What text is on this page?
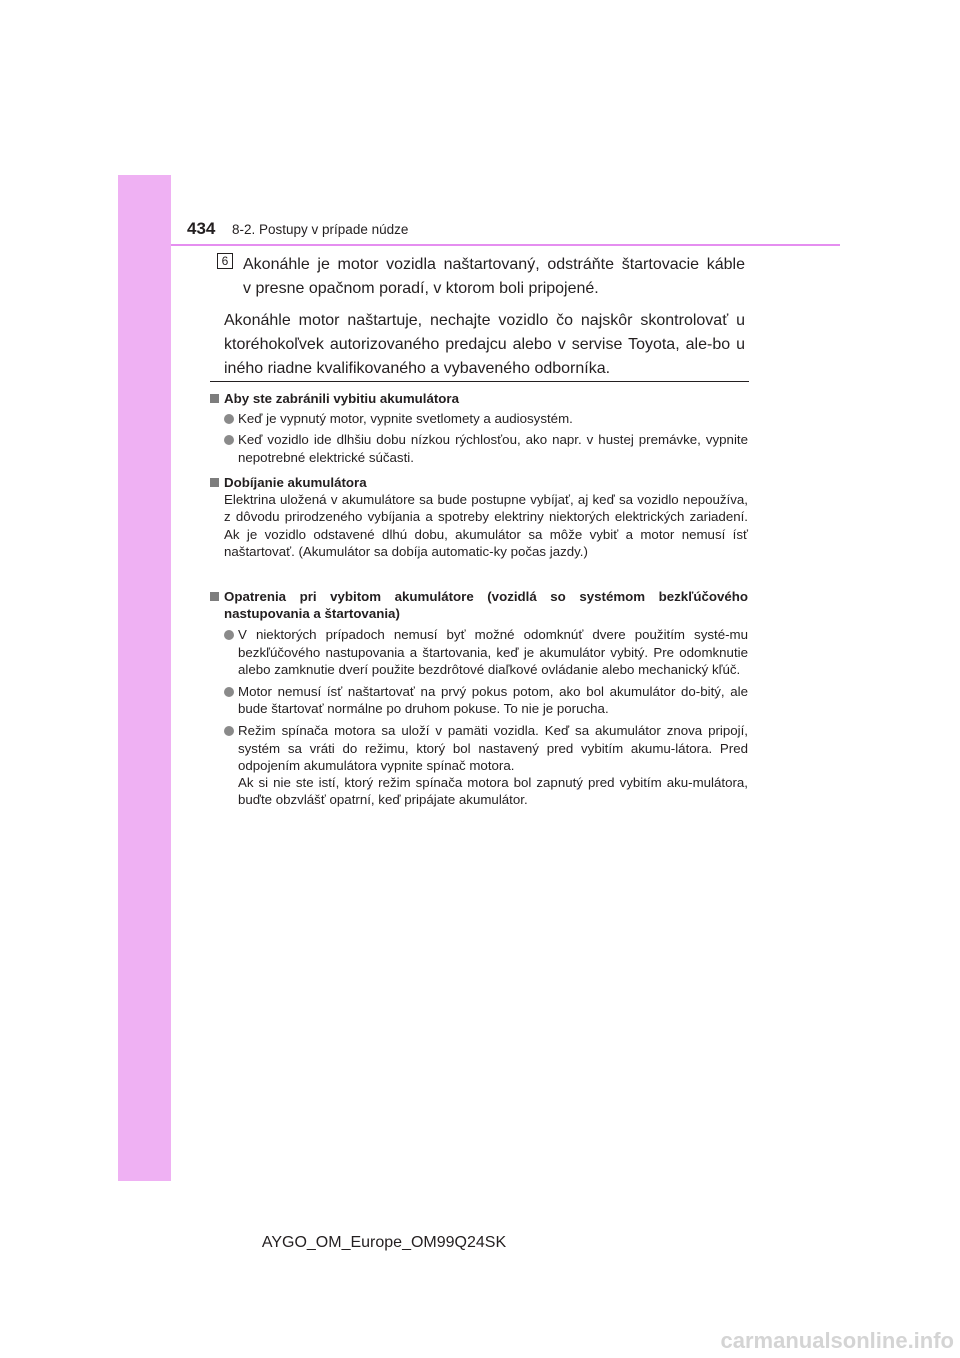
434 8-2. Postupy v prípade núdze
6 Akonáhle je motor vozidla naštartovaný, odstráňte štartovacie káble
v presne opačnom poradí, v ktorom boli pripojené.
Akonáhle motor naštartuje, nechajte vozidlo čo najskôr skontrolovať u ktoréhokoľvek autorizovaného predajcu alebo v servise Toyota, ale-bo u iného riadne kvalifikovaného a vybaveného odborníka.
Aby ste zabránili vybitiu akumulátora
Keď je vypnutý motor, vypnite svetlomety a audiosystém.
Keď vozidlo ide dlhšiu dobu nízkou rýchlosťou, ako napr. v hustej premávke, vypnite nepotrebné elektrické súčasti.
Dobíjanie akumulátora
Elektrina uložená v akumulátore sa bude postupne vybíjať, aj keď sa vozidlo nepoužíva, z dôvodu prirodzeného vybíjania a spotreby elektriny niektorých elektrických zariadení. Ak je vozidlo odstavené dlhú dobu, akumulátor sa môže vybiť a motor nemusí ísť naštartovať. (Akumulátor sa dobíja automatic-ky počas jazdy.)
Opatrenia pri vybitom akumulátore (vozidlá so systémom bezkľúčového nastupovania a štartovania)
V niektorých prípadoch nemusí byť možné odomknúť dvere použitím systé-mu bezkľúčového nastupovania a štartovania, keď je akumulátor vybitý. Pre odomknutie alebo zamknutie dverí použite bezdrôtové diaľkové ovládanie alebo mechanický kľúč.
Motor nemusí ísť naštartovať na prvý pokus potom, ako bol akumulátor do-bitý, ale bude štartovať normálne po druhom pokuse. To nie je porucha.
Režim spínača motora sa uloží v pamäti vozidla. Keď sa akumulátor znova pripojí, systém sa vráti do režimu, ktorý bol nastavený pred vybitím akumu-látora. Pred odpojením akumulátora vypnite spínač motora.
Ak si nie ste istí, ktorý režim spínača motora bol zapnutý pred vybitím aku-mulátora, buďte obzvlášť opatrní, keď pripájate akumulátor.
AYGO_OM_Europe_OM99Q24SK
carmanualsonline.info
